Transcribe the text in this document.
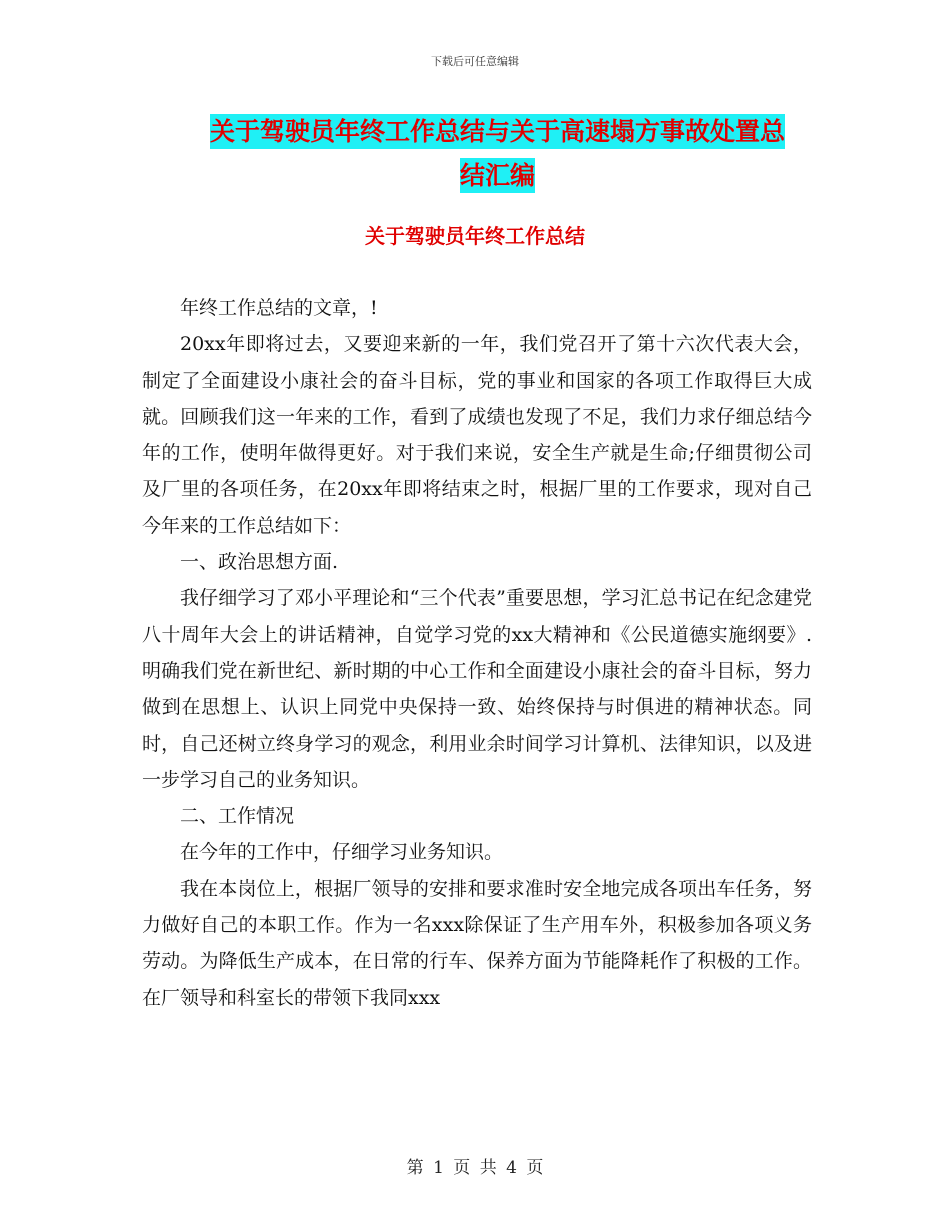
下载后可任意编辑
关于驾驶员年终工作总结与关于高速塌方事故处置总
结汇编
关于驾驶员年终工作总结

年终工作总结的文章，!

20xx年即将过去，又要迎来新的一年，我们党召开了第十六次代表大会，制定了全面建设小康社会的奋斗目标，党的事业和国家的各项工作取得巨大成就。回顾我们这一年来的工作，看到了成绩也发现了不足，我们力求仔细总结今年的工作，使明年做得更好。对于我们来说，安全生产就是生命;仔细贯彻公司及厂里的各项任务，在20xx年即将结束之时，根据厂里的工作要求，现对自己今年来的工作总结如下：

一、政治思想方面.

我仔细学习了邓小平理论和“三个代表”重要思想，学习汇总书记在纪念建党八十周年大会上的讲话精神，自觉学习党的xx大精神和《公民道德实施纲要》.明确我们党在新世纪、新时期的中心工作和全面建设小康社会的奋斗目标，努力做到在思想上、认识上同党中央保持一致、始终保持与时俱进的精神状态。同时，自己还树立终身学习的观念，利用业余时间学习计算机、法律知识，以及进一步学习自己的业务知识。

二、工作情况

在今年的工作中，仔细学习业务知识。

我在本岗位上，根据厂领导的安排和要求准时安全地完成各项出车任务，努力做好自己的本职工作。作为一名xxx除保证了生产用车外，积极参加各项义务劳动。为降低生产成本，在日常的行车、保养方面为节能降耗作了积极的工作。在厂领导和科室长的带领下我同xxx

第 1 页 共 4 页
